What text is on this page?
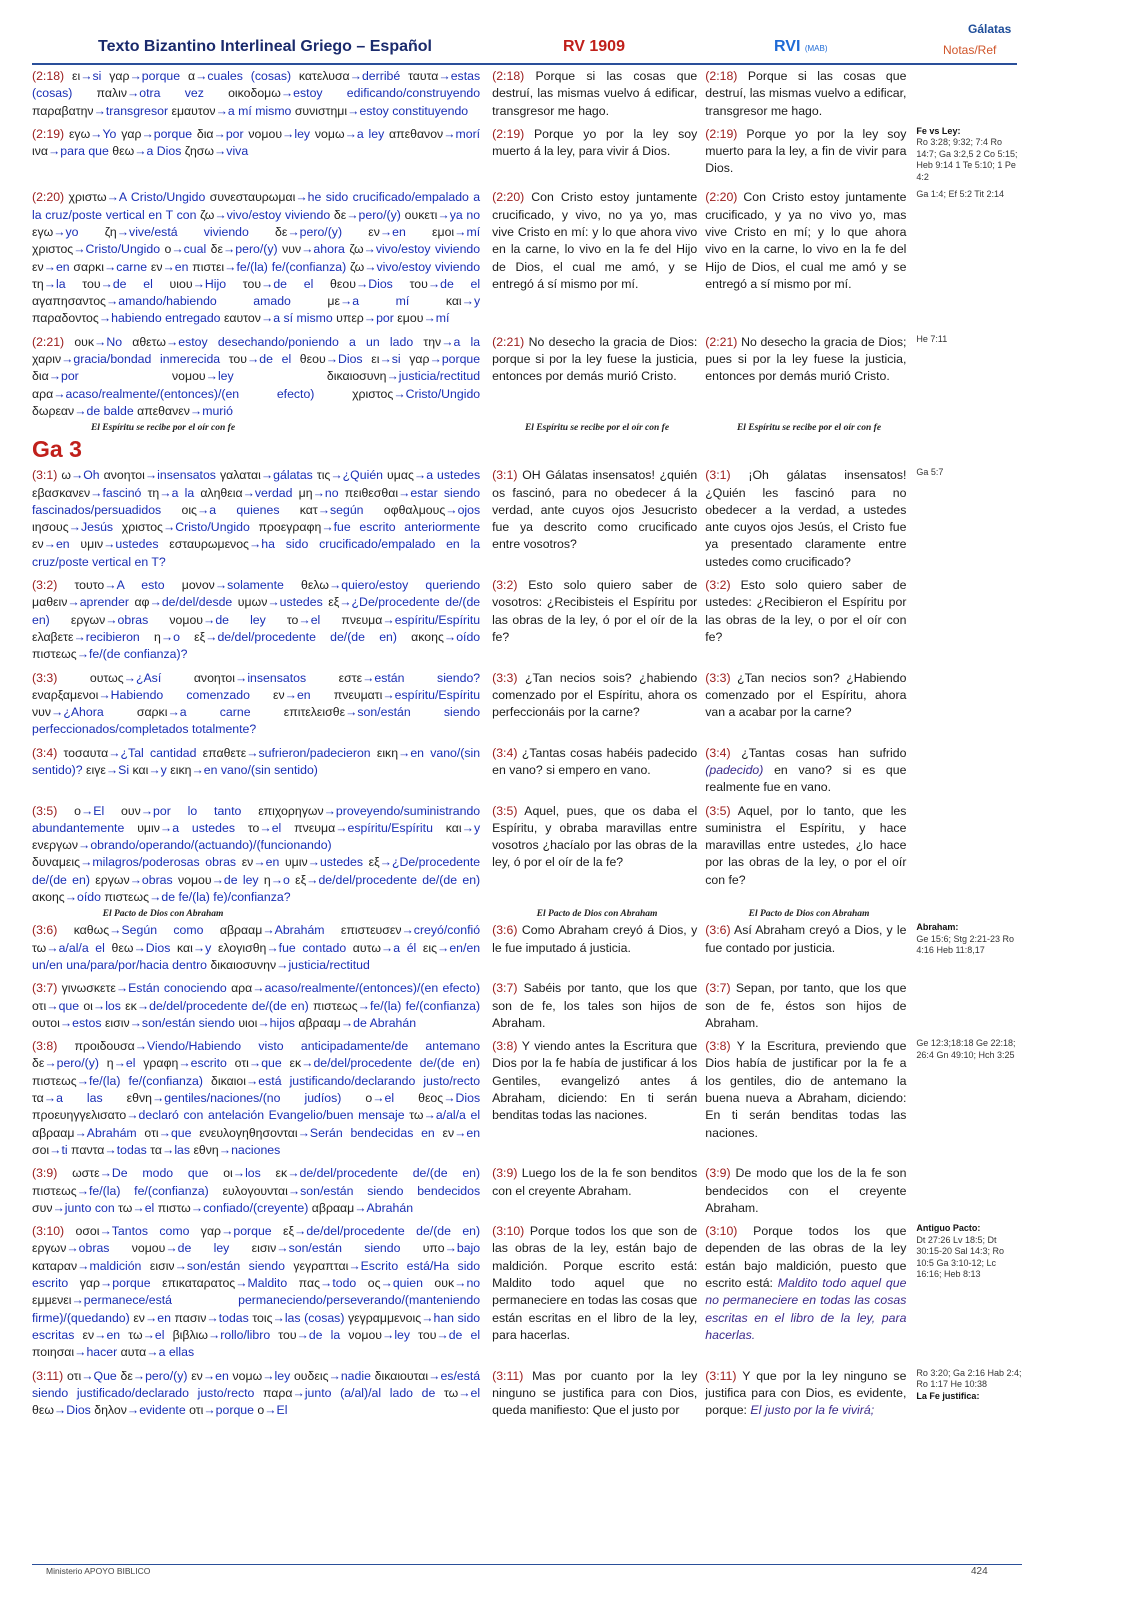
Gálatas
Texto Bizantino Interlineal Griego – Español	RV 1909	RVI (MAB)	Notas/Ref
(2:18) ει→si γαρ→porque α→cuales (cosas) κατελυσα→derribé ταυτα→estas (cosas) παλιν→otra vez οικοδομω→estoy edificando/construyendo παραβατην→transgresor εμαυτον→a mí mismo συνιστημι→estoy constituyendo
(2:18) Porque si las cosas que destruí, las mismas vuelvo á edificar, transgresor me hago.
(2:18) Porque si las cosas que destruí, las mismas vuelvo a edificar, transgresor me hago.
(2:19) εγω→Yo γαρ→porque δια→por νομου→ley νομω→a ley απεθανον→morí ινα→para que θεω→a Dios ζησω→viva
(2:19) Porque yo por la ley soy muerto á la ley, para vivir á Dios.
(2:19) Porque yo por la ley soy muerto para la ley, a fin de vivir para Dios.
Fe vs Ley:
Ro 3:28; 9:32; 7:4 Ro 14:7; Ga 3:2,5 2 Co 5:15; Heb 9:14 1 Te 5:10; 1 Pe 4:2
(2:20) χριστω→A Cristo/Ungido συνεσταυρωμαι→he sido crucificado/empalado a la cruz/poste vertical en T con ζω→vivo/estoy viviendo δε→pero/(y) ουκετι→ya no εγω→yo ζη→vive/está viviendo δε→pero/(y) εν→en εμοι→mí χριστος→Cristo/Ungido ο→cual δε→pero/(y) νυν→ahora ζω→vivo/estoy viviendo εν→en σαρκι→carne εν→en πιστει→fe/(la) fe/(confianza) ζω→vivo/estoy viviendo τη→la του→de el υιου→Hijo του→de el θεου→Dios του→de el αγαπησαντος→amando/habiendo amado με→a mí και→y παραδοντος→habiendo entregado εαυτον→a sí mismo υπερ→por εμου→mí
(2:20) Con Cristo estoy juntamente crucificado, y vivo, no ya yo, mas vive Cristo en mí: y lo que ahora vivo en la carne, lo vivo en la fe del Hijo de Dios, el cual me amó, y se entregó á sí mismo por mí.
(2:20) Con Cristo estoy juntamente crucificado, y ya no vivo yo, mas vive Cristo en mí; y lo que ahora vivo en la carne, lo vivo en la fe del Hijo de Dios, el cual me amó y se entregó a sí mismo por mí.
Ga 1:4; Ef 5:2 Tit 2:14
(2:21) ουκ→No αθετω→estoy desechando/poniendo a un lado την→a la χαριν→gracia/bondad inmerecida του→de el θεου→Dios ει→si γαρ→porque δια→por νομου→ley δικαιοσυνη→justicia/rectitud αρα→acaso/realmente/(entonces)/(en efecto) χριστος→Cristo/Ungido δωρεαν→de balde απεθανεν→murió
(2:21) No desecho la gracia de Dios: porque si por la ley fuese la justicia, entonces por demás murió Cristo.
(2:21) No desecho la gracia de Dios; pues si por la ley fuese la justicia, entonces por demás murió Cristo.
He 7:11
El Espíritu se recibe por el oír con fe	El Espíritu se recibe por el oír con fe	El Espíritu se recibe por el oír con fe
Ga 3
(3:1) ω→Oh ανοητοι→insensatos γαλαται→gálatas τις→¿Quién υμας→a ustedes εβασκανεν→fascinó τη→a la αληθεια→verdad μη→no πειθεσθαι→estar siendo fascinados/persuadidos οις→a quienes κατ→según οφθαλμους→ojos ιησους→Jesús χριστος→Cristo/Ungido προεγραφη→fue escrito anteriormente εν→en υμιν→ustedes εσταυρωμενος→ha sido crucificado/empalado en la cruz/poste vertical en T?
(3:1) OH Gálatas insensatos! ¿quién os fascinó, para no obedecer á la verdad, ante cuyos ojos Jesucristo fue ya descrito como crucificado entre vosotros?
(3:1) ¡Oh gálatas insensatos! ¿Quién les fascinó para no obedecer a la verdad, a ustedes ante cuyos ojos Jesús, el Cristo fue ya presentado claramente entre ustedes como crucificado?
Ga 5:7
(3:2) τουτο→A esto μονον→solamente θελω→quiero/estoy queriendo μαθειν→aprender αφ→de/del/desde υμων→ustedes εξ→¿De/procedente de/(de en) εργων→obras νομου→de ley το→el πνευμα→espíritu/Espíritu ελαβετε→recibieron η→o εξ→de/del/procedente de/(de en) ακοης→oído πιστεως→fe/(de confianza)?
(3:2) Esto solo quiero saber de vosotros: ¿Recibisteis el Espíritu por las obras de la ley, ó por el oír de la fe?
(3:2) Esto solo quiero saber de ustedes: ¿Recibieron el Espíritu por las obras de la ley, o por el oír con fe?
(3:3)	ουτως→¿Así ανοητοι→insensatos εστε→están siendo? εναρξαμενοι→Habiendo comenzado εν→en πνευματι→espíritu/Espíritu νυν→¿Ahora σαρκι→a carne επιτελεισθε→son/están siendo perfeccionados/completados totalmente?
(3:3) ¿Tan necios sois? ¿habiendo comenzado por el Espíritu, ahora os perfeccionáis por la carne?
(3:3) ¿Tan necios son? ¿Habiendo comenzado por el Espíritu, ahora van a acabar por la carne?
(3:4) τοσαυτα→¿Tal cantidad επαθετε→sufrieron/padecieron εικη→en vano/(sin sentido)? ειγε→Si και→y εικη→en vano/(sin sentido)
(3:4) ¿Tantas cosas habéis padecido en vano? si empero en vano.
(3:4) ¿Tantas cosas han sufrido (padecido) en vano? si es que realmente fue en vano.
(3:5) ο→El ουν→por lo tanto επιχορηγων→proveyendo/suministrando abundantemente υμιν→a ustedes το→el πνευμα→espíritu/Espíritu και→y ενεργων→obrando/operando/(actuando)/(funcionando) δυναμεις→milagros/poderosas obras εν→en υμιν→ustedes εξ→¿De/procedente de/(de en) εργων→obras νομου→de ley η→o εξ→de/del/procedente de/(de en) ακοης→oído πιστεως→de fe/(la) fe)/confianza?
(3:5) Aquel, pues, que os daba el Espíritu, y obraba maravillas entre vosotros ¿hacíalo por las obras de la ley, ó por el oír de la fe?
(3:5) Aquel, por lo tanto, que les suministra el Espíritu, y hace maravillas entre ustedes, ¿lo hace por las obras de la ley, o por el oír con fe?
El Pacto de Dios con Abraham	El Pacto de Dios con Abraham	El Pacto de Dios con Abraham
(3:6) καθως→Según como αβρααμ→Abrahám επιστευσεν→creyó/confió τω→a/al/a el θεω→Dios και→y ελογισθη→fue contado αυτω→a él εις→en/en un/en una/para/por/hacia dentro δικαιοσυνην→justicia/rectitud
(3:6) Como Abraham creyó á Dios, y le fue imputado á justicia.
(3:6) Así Abraham creyó a Dios, y le fue contado por justicia.
Abraham:
Ge 15:6; Stg 2:21-23 Ro 4:16 Heb 11:8,17
(3:7) γινωσκετε→Están conociendo αρα→acaso/realmente/(entonces)/(en efecto) οτι→que οι→los εκ→de/del/procedente de/(de en) πιστεως→fe/(la) fe/(confianza) ουτοι→estos εισιν→son/están siendo υιοι→hijos αβρααμ→de Abrahán
(3:7) Sabéis por tanto, que los que son de fe, los tales son hijos de Abraham.
(3:7) Sepan, por tanto, que los que son de fe, éstos son hijos de Abraham.
(3:8) προιδουσα→Viendo/Habiendo visto anticipadamente/de antemano δε→pero/(y) η→el γραφη→escrito οτι→que εκ→de/del/procedente de/(de en) πιστεως→fe/(la) fe/(confianza) δικαιοι→está justificando/declarando justo/recto τα→a las εθνη→gentiles/naciones/(no judíos) ο→el θεος→Dios προευηγγελισατο→declaró con antelación Evangelio/buen mensaje τω→a/al/a el αβρααμ→Abrahám οτι→que ενευλογηθησονται→Serán bendecidas en εν→en σοι→ti παντα→todas τα→las εθνη→naciones
(3:8) Y viendo antes la Escritura que Dios por la fe había de justificar á los Gentiles, evangelizó antes á Abraham, diciendo: En ti serán benditas todas las naciones.
(3:8) Y la Escritura, previendo que Dios había de justificar por la fe a los gentiles, dio de antemano la buena nueva a Abraham, diciendo: En ti serán benditas todas las naciones.
Ge 12:3;18:18 Ge 22:18; 26:4 Gn 49:10; Hch 3:25
(3:9) ωστε→De modo que οι→los εκ→de/del/procedente de/(de en) πιστεως→fe/(la) fe/(confianza) ευλογουνται→son/están siendo bendecidos συν→junto con τω→el πιστω→confiado/(creyente) αβρααμ→Abrahán
(3:9) Luego los de la fe son benditos con el creyente Abraham.
(3:9) De modo que los de la fe son bendecidos con el creyente Abraham.
(3:10) οσοι→Tantos como γαρ→porque εξ→de/del/procedente de/(de en) εργων→obras νομου→de ley εισιν→son/están siendo υπο→bajo καταραν→maldición εισιν→son/están siendo γεγραπται→Escrito está/Ha sido escrito γαρ→porque επικαταρατος→Maldito πας→todo ος→quien ουκ→no εμμενει→permanece/está permaneciendo/perseverando/(manteniendo firme)/(quedando) εν→en πασιν→todas τοις→las (cosas) γεγραμμενοις→han sido escritas εν→en τω→el βιβλιω→rollo/libro του→de la νομου→ley του→de el ποιησαι→hacer αυτα→a ellas
(3:10) Porque todos los que son de las obras de la ley, están bajo de maldición. Porque escrito está: Maldito todo aquel que no permaneciere en todas las cosas que están escritas en el libro de la ley, para hacerlas.
(3:10) Porque todos los que dependen de las obras de la ley están bajo maldición, puesto que escrito está: Maldito todo aquel que no permaneciere en todas las cosas escritas en el libro de la ley, para hacerlas.
Antiguo Pacto:
Dt 27:26 Lv 18:5; Dt 30:15-20 Sal 14:3; Ro 10:5 Ga 3:10-12; Lc 16:16; Heb 8:13
(3:11) οτι→Que δε→pero/(y) εν→en νομω→ley ουδεις→nadie δικαιουται→es/está siendo justificado/declarado justo/recto παρα→junto (a/al)/al lado de τω→el θεω→Dios δηλον→evidente οτι→porque ο→El
(3:11) Mas por cuanto por la ley ninguno se justifica para con Dios, queda manifiesto: Que el justo por
(3:11) Y que por la ley ninguno se justifica para con Dios, es evidente, porque: El justo por la fe vivirá;
Ro 3:20; Ga 2:16 Hab 2:4; Ro 1:17 He 10:38
La Fe justifica:
Ministerio APOYO BIBLICO	424
